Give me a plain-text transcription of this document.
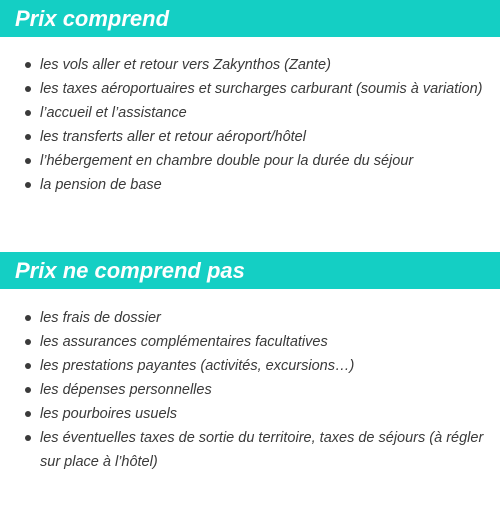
Prix comprend
les vols aller et retour vers Zakynthos (Zante)
les taxes aéroportuaires et surcharges carburant (soumis à variation)
l’accueil et l’assistance
les transferts aller et retour aéroport/hôtel
l’hébergement en chambre double pour la durée du séjour
la pension de base
Prix ne comprend pas
les frais de dossier
les assurances complémentaires facultatives
les prestations payantes (activités, excursions…)
les dépenses personnelles
les pourboires usuels
les éventuelles taxes de sortie du territoire, taxes de séjours (à régler sur place à l’hôtel)
